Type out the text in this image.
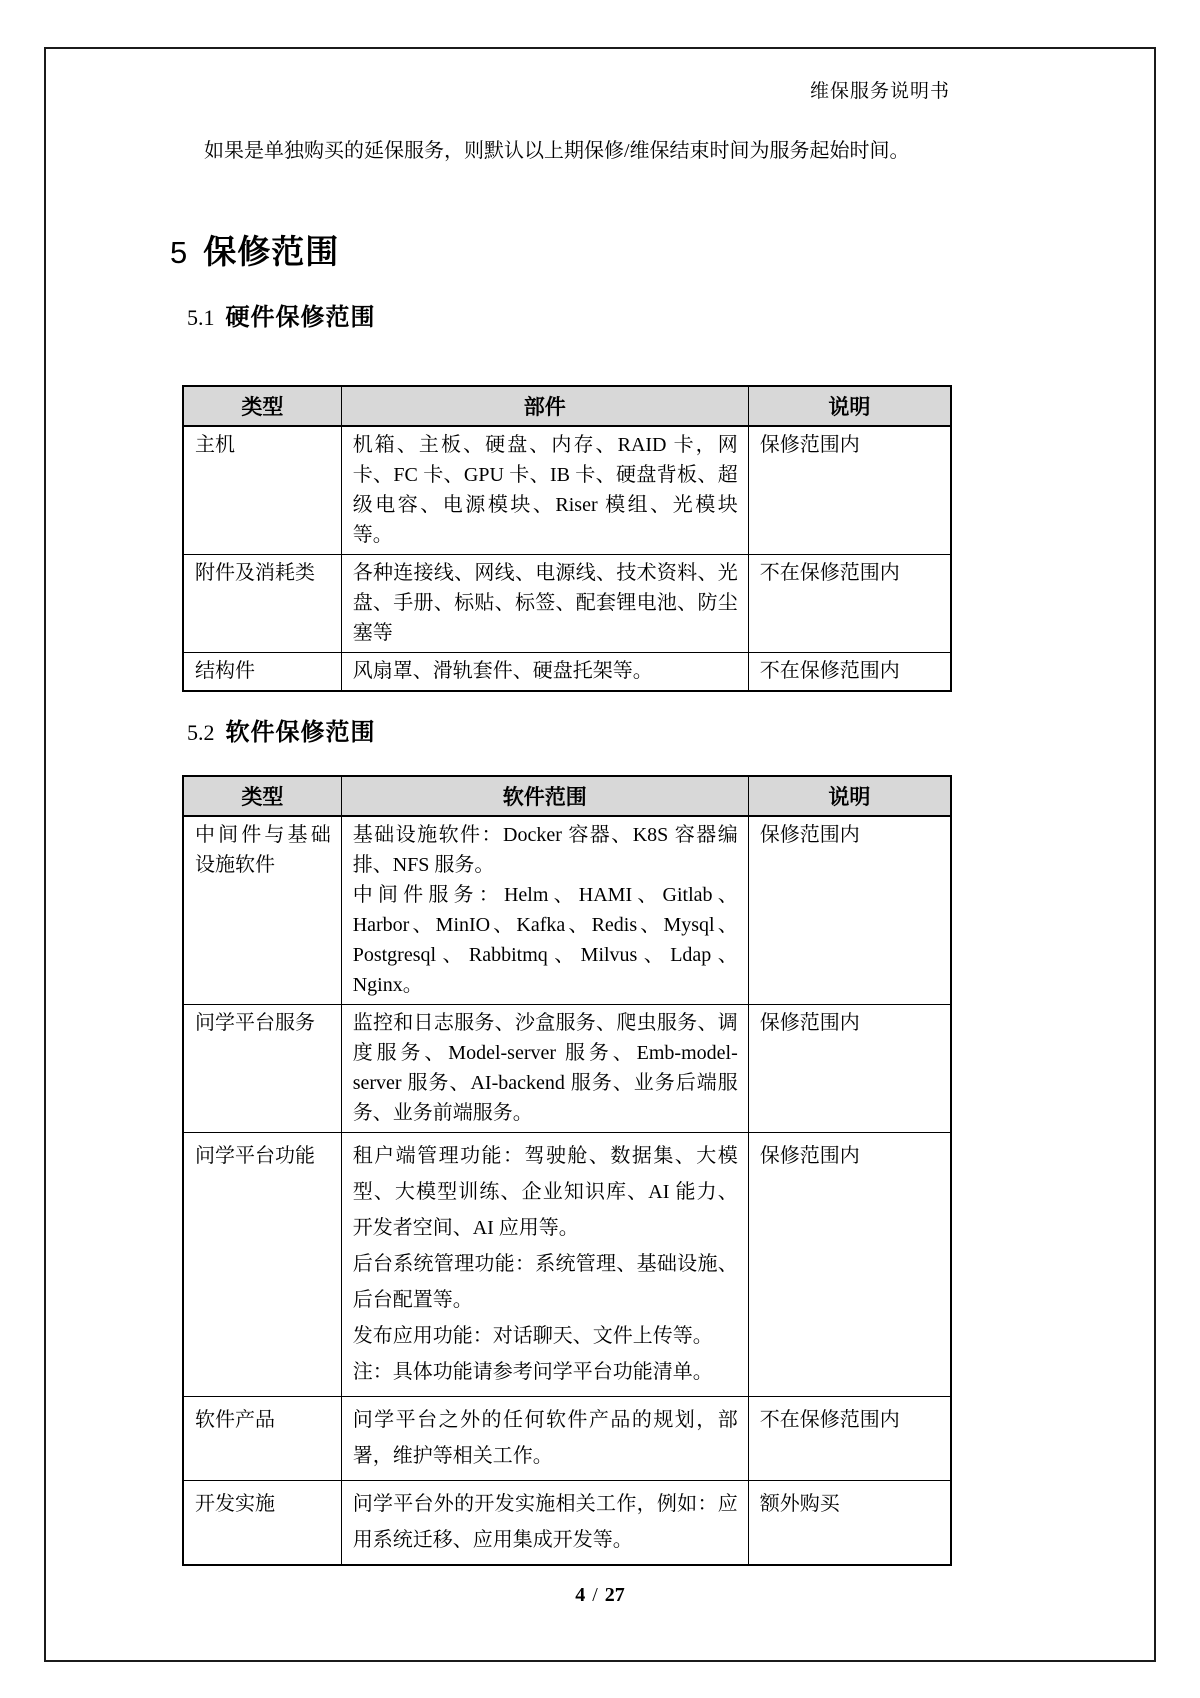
维保服务说明书

如果是单独购买的延保服务，则默认以上期保修/维保结束时间为服务起始时间。

5 保修范围
5.1 硬件保修范围
类型	部件	说明
主机	机箱、主板、硬盘、内存、RAID 卡，网卡、FC 卡、GPU 卡、IB 卡、硬盘背板、超级电容、电源模块、Riser 模组、光模块等。	保修范围内
附件及消耗类	各种连接线、网线、电源线、技术资料、光盘、手册、标贴、标签、配套锂电池、防尘塞等	不在保修范围内
结构件	风扇罩、滑轨套件、硬盘托架等。	不在保修范围内
5.2 软件保修范围
类型	软件范围	说明
中间件与基础设施软件	基础设施软件：Docker 容器、K8S 容器编排、NFS 服务。

中间件服务：Helm、HAMI、Gitlab、Harbor、MinIO、Kafka、Redis、Mysql、Postgresql、Rabbitmq、Milvus、Ldap、Nginx。	保修范围内
问学平台服务	监控和日志服务、沙盒服务、爬虫服务、调度服务、Model-server 服务、Emb-model-server 服务、AI-backend 服务、业务后端服务、业务前端服务。	保修范围内
问学平台功能	租户端管理功能：驾驶舱、数据集、大模型、大模型训练、企业知识库、AI 能力、开发者空间、AI 应用等。

后台系统管理功能：系统管理、基础设施、后台配置等。

发布应用功能：对话聊天、文件上传等。

注：具体功能请参考问学平台功能清单。	保修范围内
软件产品	问学平台之外的任何软件产品的规划，部署，维护等相关工作。	不在保修范围内
开发实施	问学平台外的开发实施相关工作，例如：应用系统迁移、应用集成开发等。	额外购买
4 / 27
